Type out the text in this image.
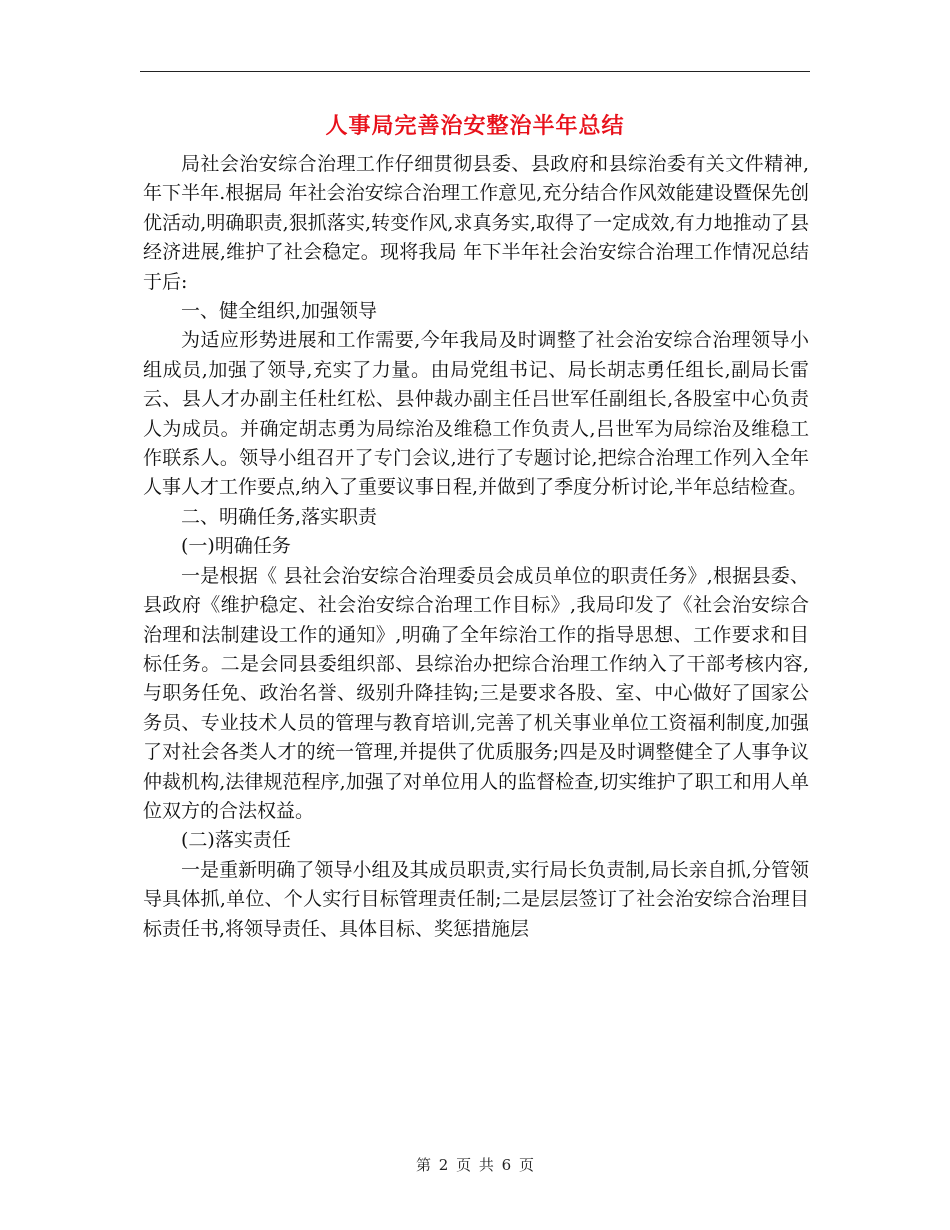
人事局完善治安整治半年总结

局社会治安综合治理工作仔细贯彻县委、县政府和县综治委有关文件精神,年下半年.根据局 年社会治安综合治理工作意见,充分结合作风效能建设暨保先创优活动,明确职责,狠抓落实,转变作风,求真务实,取得了一定成效,有力地推动了县经济进展,维护了社会稳定。现将我局 年下半年社会治安综合治理工作情况总结于后:

一、健全组织,加强领导

为适应形势进展和工作需要,今年我局及时调整了社会治安综合治理领导小组成员,加强了领导,充实了力量。由局党组书记、局长胡志勇任组长,副局长雷云、县人才办副主任杜红松、县仲裁办副主任吕世军任副组长,各股室中心负责人为成员。并确定胡志勇为局综治及维稳工作负责人,吕世军为局综治及维稳工作联系人。领导小组召开了专门会议,进行了专题讨论,把综合治理工作列入全年人事人才工作要点,纳入了重要议事日程,并做到了季度分析讨论,半年总结检查。

二、明确任务,落实职责

(一)明确任务

一是根据《 县社会治安综合治理委员会成员单位的职责任务》,根据县委、县政府《维护稳定、社会治安综合治理工作目标》,我局印发了《社会治安综合治理和法制建设工作的通知》,明确了全年综治工作的指导思想、工作要求和目标任务。二是会同县委组织部、县综治办把综合治理工作纳入了干部考核内容,与职务任免、政治名誉、级别升降挂钩;三是要求各股、室、中心做好了国家公务员、专业技术人员的管理与教育培训,完善了机关事业单位工资福利制度,加强了对社会各类人才的统一管理,并提供了优质服务;四是及时调整健全了人事争议仲裁机构,法律规范程序,加强了对单位用人的监督检查,切实维护了职工和用人单位双方的合法权益。

(二)落实责任

一是重新明确了领导小组及其成员职责,实行局长负责制,局长亲自抓,分管领导具体抓,单位、个人实行目标管理责任制;二是层层签订了社会治安综合治理目标责任书,将领导责任、具体目标、奖惩措施层

第 2 页 共 6 页
